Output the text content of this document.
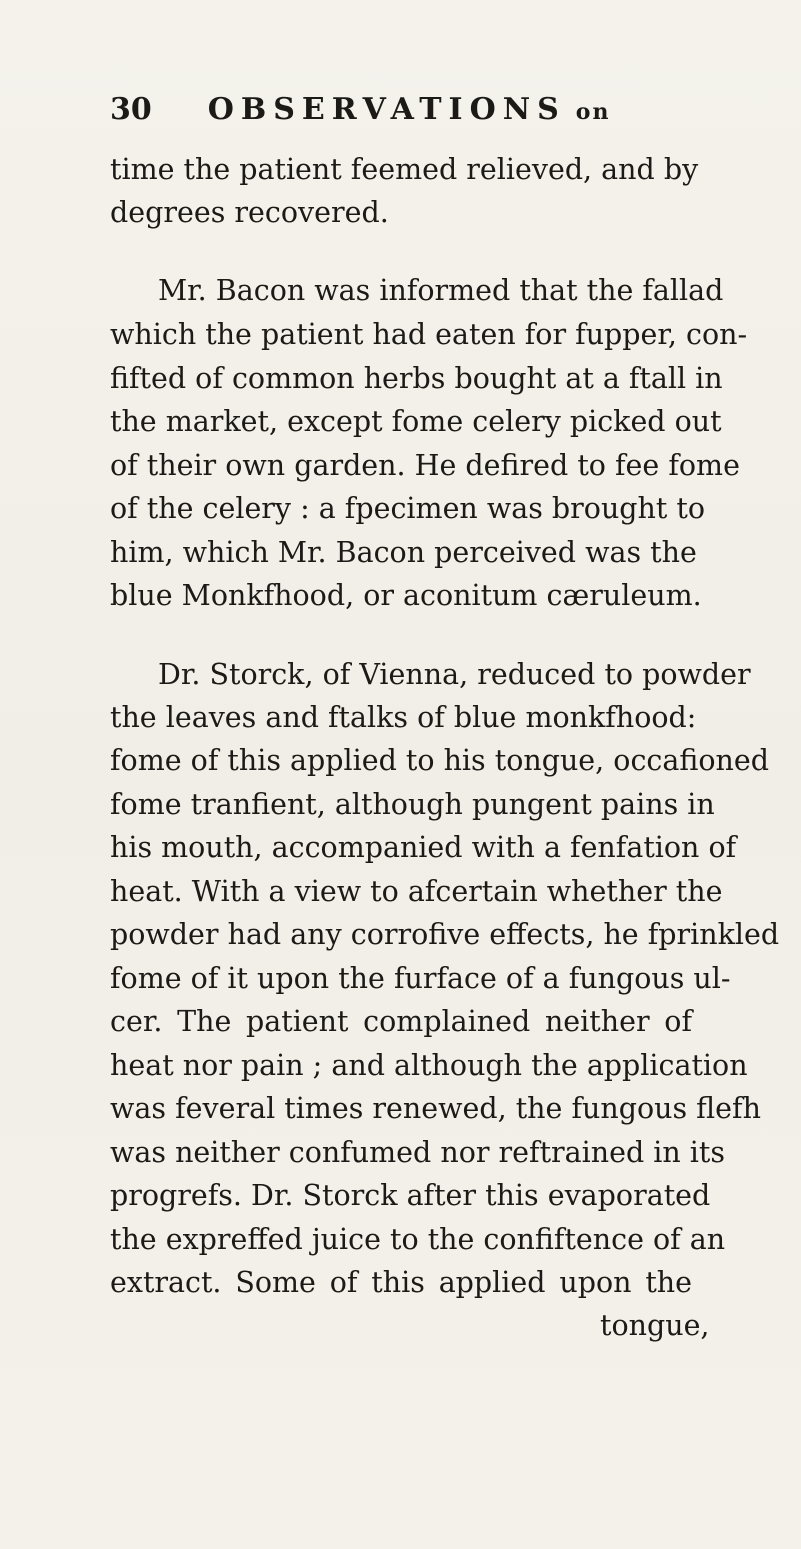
30 OBSERVATIONS on
time the patient feemed relieved, and by
degrees recovered.
Mr. Bacon was informed that the fallad
which the patient had eaten for fupper, con-
fifted of common herbs bought at a ftall in
the market, except fome celery picked out
of their own garden. He defired to fee fome
of the celery : a fpecimen was brought to
him, which Mr. Bacon perceived was the
blue Monkfhood, or aconitum cæruleum.
Dr. Storck, of Vienna, reduced to powder
the leaves and ftalks of blue monkfhood:
fome of this applied to his tongue, occafioned
fome tranfient, although pungent pains in
his mouth, accompanied with a fenfation of
heat. With a view to afcertain whether the
powder had any corrofive effects, he fprinkled
fome of it upon the furface of a fungous ul-
cer. The patient complained neither of
heat nor pain ; and although the application
was feveral times renewed, the fungous flefh
was neither confumed nor reftrained in its
progrefs. Dr. Storck after this evaporated
the expreffed juice to the confiftence of an
extract. Some of this applied upon the
tongue,
